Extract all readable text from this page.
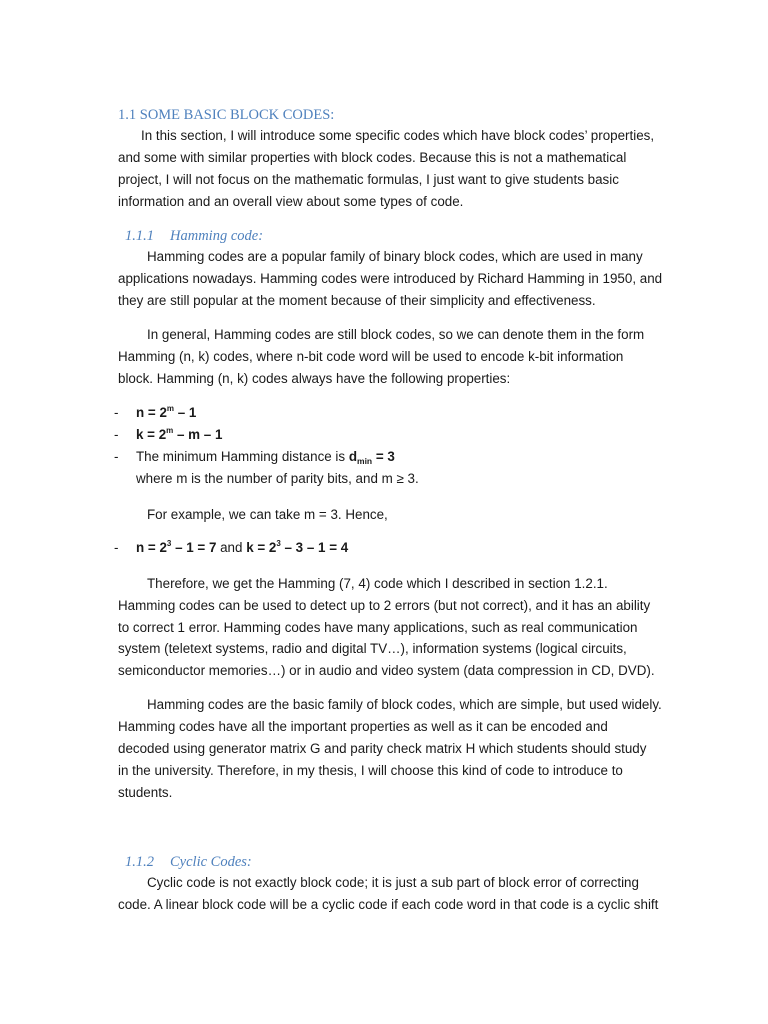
1.1 SOME BASIC BLOCK CODES:
In this section, I will introduce some specific codes which have block codes’ properties,
and some with similar properties with block codes. Because this is not a mathematical
project, I will not focus on the mathematic formulas, I just want to give students basic
information and an overall view about some types of code.
1.1.1 Hamming code:
Hamming codes are a popular family of binary block codes, which are used in many
applications nowadays. Hamming codes were introduced by Richard Hamming in 1950, and
they are still popular at the moment because of their simplicity and effectiveness.
In general, Hamming codes are still block codes, so we can denote them in the form
Hamming (n, k) codes, where n-bit code word will be used to encode k-bit information
block. Hamming (n, k) codes always have the following properties:
- $n = 2^m - 1$
- $k = 2^m - m - 1$
- The minimum Hamming distance is $d_{min} = 3$
where m is the number of parity bits, and m ≥ 3.
For example, we can take m = 3. Hence,
- $n = 2^3 - 1 = 7$ and $k = 2^3 - 3 - 1 = 4$
Therefore, we get the Hamming (7, 4) code which I described in section 1.2.1.
Hamming codes can be used to detect up to 2 errors (but not correct), and it has an ability
to correct 1 error. Hamming codes have many applications, such as real communication
system (teletext systems, radio and digital TV…), information systems (logical circuits,
semiconductor memories…) or in audio and video system (data compression in CD, DVD).
Hamming codes are the basic family of block codes, which are simple, but used widely.
Hamming codes have all the important properties as well as it can be encoded and
decoded using generator matrix G and parity check matrix H which students should study
in the university. Therefore, in my thesis, I will choose this kind of code to introduce to
students.
1.1.2 Cyclic Codes:
Cyclic code is not exactly block code; it is just a sub part of block error of correcting
code. A linear block code will be a cyclic code if each code word in that code is a cyclic shift
